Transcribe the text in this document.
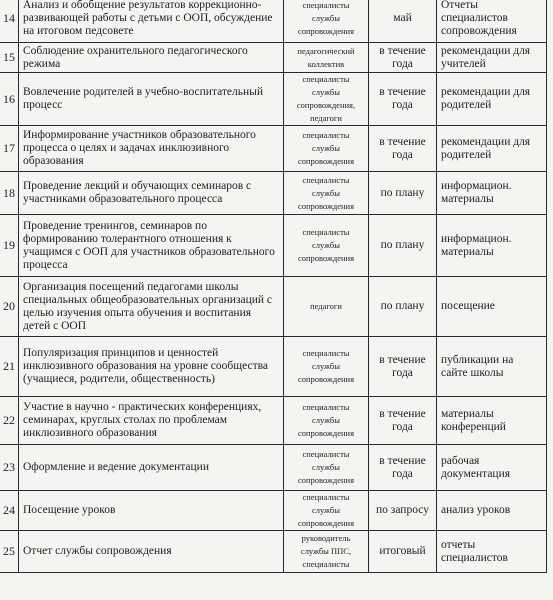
14	Анализ и обобщение результатов коррекционно-развивающей работы с детьми с ООП, обсуждение на итоговом педсовете	специалисты службы сопровождения	май	Отчеты специалистов сопровождения
15	Соблюдение охранительного педагогического режима	педагогический коллектив	в течение года	рекомендации для учителей
16	Вовлечение родителей в учебно-воспитательный процесс	специалисты службы сопровождения, педагоги	в течение года	рекомендации для родителей
17	Информирование участников образовательного процесса о целях и задачах инклюзивного образования	специалисты службы сопровождения	в течение года	рекомендации для родителей
18	Проведение лекций и обучающих семинаров с участниками образовательного процесса	специалисты службы сопровождения	по плану	информацион. материалы
19	Проведение тренингов, семинаров по формированию толерантного отношения к учащимся с ООП для участников образовательного процесса	специалисты службы сопровождения	по плану	информацион. материалы
20	Организация посещений педагогами школы специальных общеобразовательных организаций с целью изучения опыта обучения и воспитания детей с ООП	педагоги	по плану	посещение
21	Популяризация принципов и ценностей инклюзивного образования на уровне сообщества (учащиеся, родители, общественность)	специалисты службы сопровождения	в течение года	публикации на сайте школы
22	Участие в научно - практических конференциях, семинарах, круглых столах по проблемам инклюзивного образования	специалисты службы сопровождения	в течение года	материалы конференций
23	Оформление и ведение документации	специалисты службы сопровождения	в течение года	рабочая документация
24	Посещение уроков	специалисты службы сопровождения	по запросу	анализ уроков
25	Отчет службы сопровождения	руководитель службы ППС, специалисты	итоговый	отчеты специалистов
